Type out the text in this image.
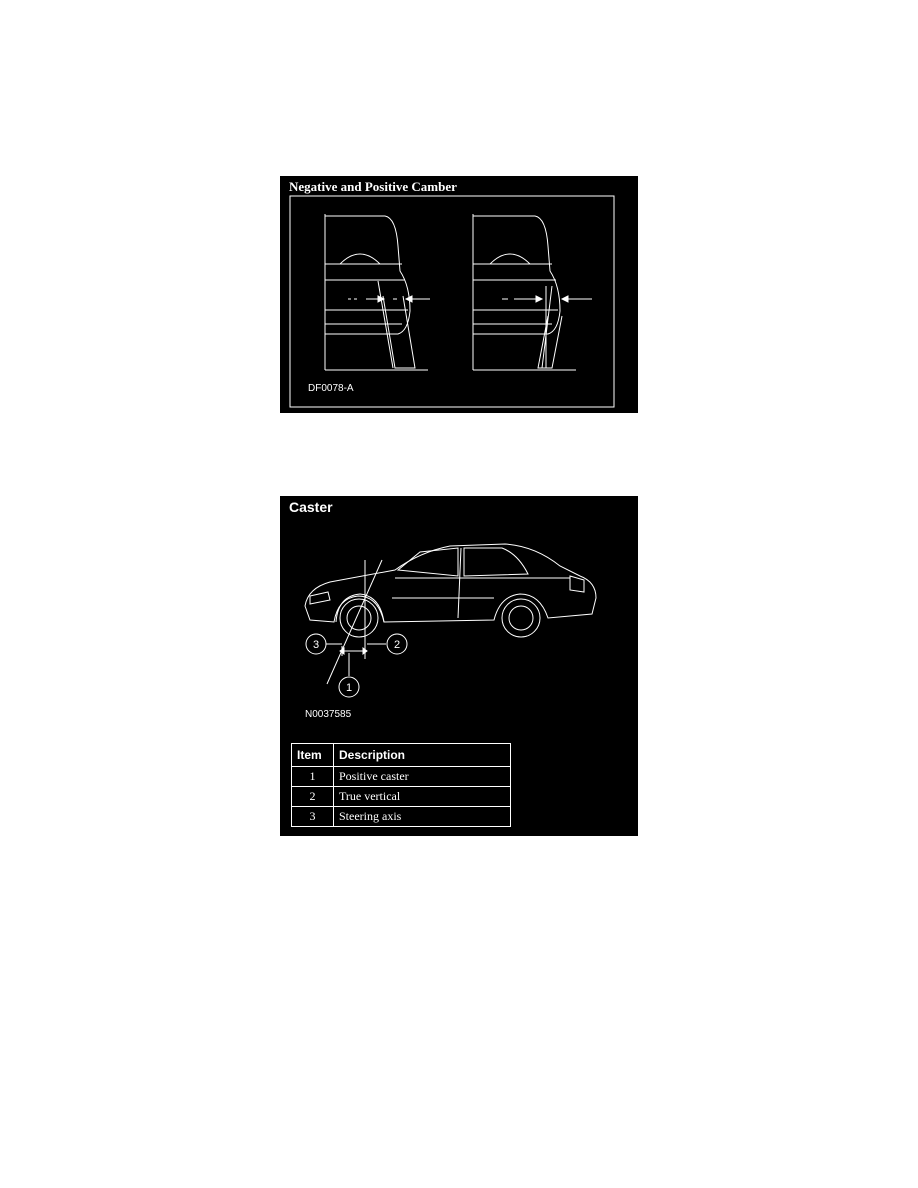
Negative and Positive Camber
DF0078-A
Caster
3	2
1
N0037585
Item	Description
1	Positive caster
2	True vertical
3	Steering axis
